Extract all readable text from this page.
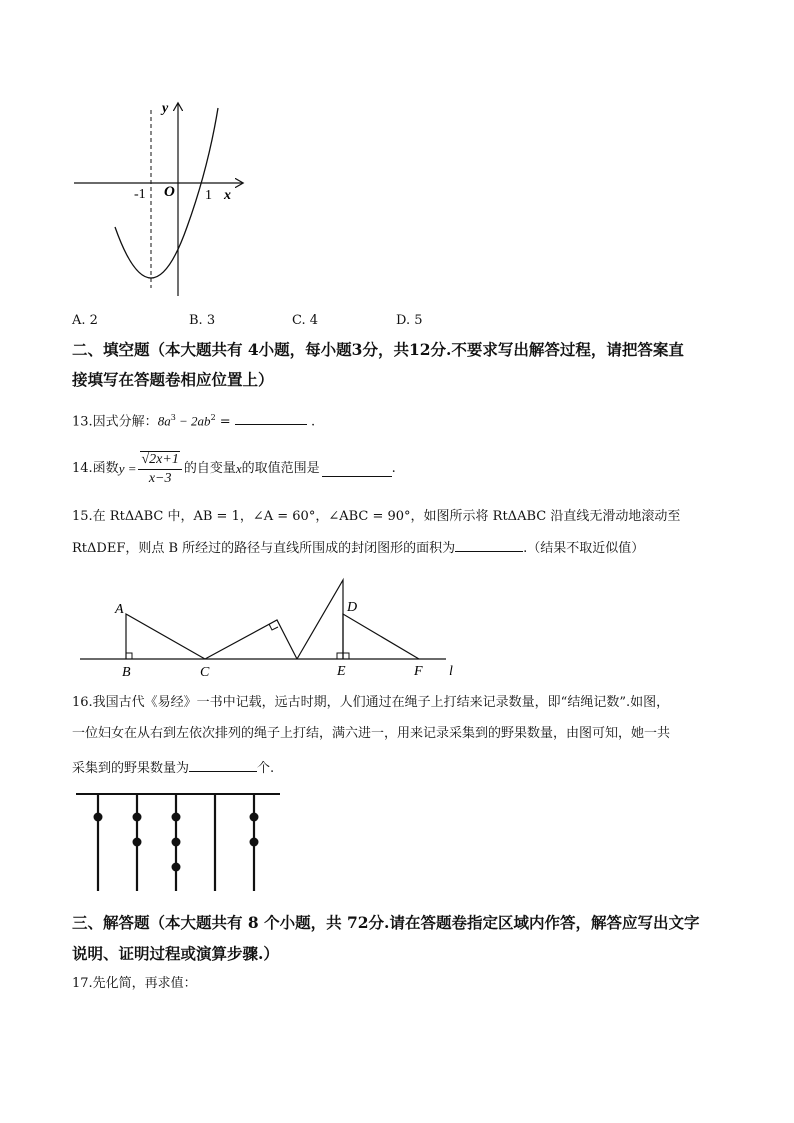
y
x
O
-1	1
A. 2	B. 3	C. 4	D. 5
二、填空题（本大题共有 4小题，每小题3分，共12分.不要求写出解答过程，请把答案直
接填写在答题卷相应位置上）
13.因式分解：$8a^3 - 2ab^2$ =	.
14.函数 $y = \frac{√2x+1}{x-3}$ 的自变量 x 的取值范围是	.
15.在 RtΔABC 中，AB = 1，∠A = 60°，∠ABC = 90°，如图所示将 RtΔABC 沿直线无滑动地滚动至
RtΔDEF，则点 B 所经过的路径与直线所围成的封闭图形的面积为	.（结果不取近似值）
A
B	C
D
E	F l
16.我国古代《易经》一书中记载，远古时期，人们通过在绳子上打结来记录数量，即“结绳记数”.如图，
一位妇女在从右到左依次排列的绳子上打结，满六进一，用来记录采集到的野果数量，由图可知，她一共
采集到的野果数量为	个.
三、解答题（本大题共有 8 个小题，共 72分.请在答题卷指定区域内作答，解答应写出文字
说明、证明过程或演算步骤.）
17.先化简，再求值：
